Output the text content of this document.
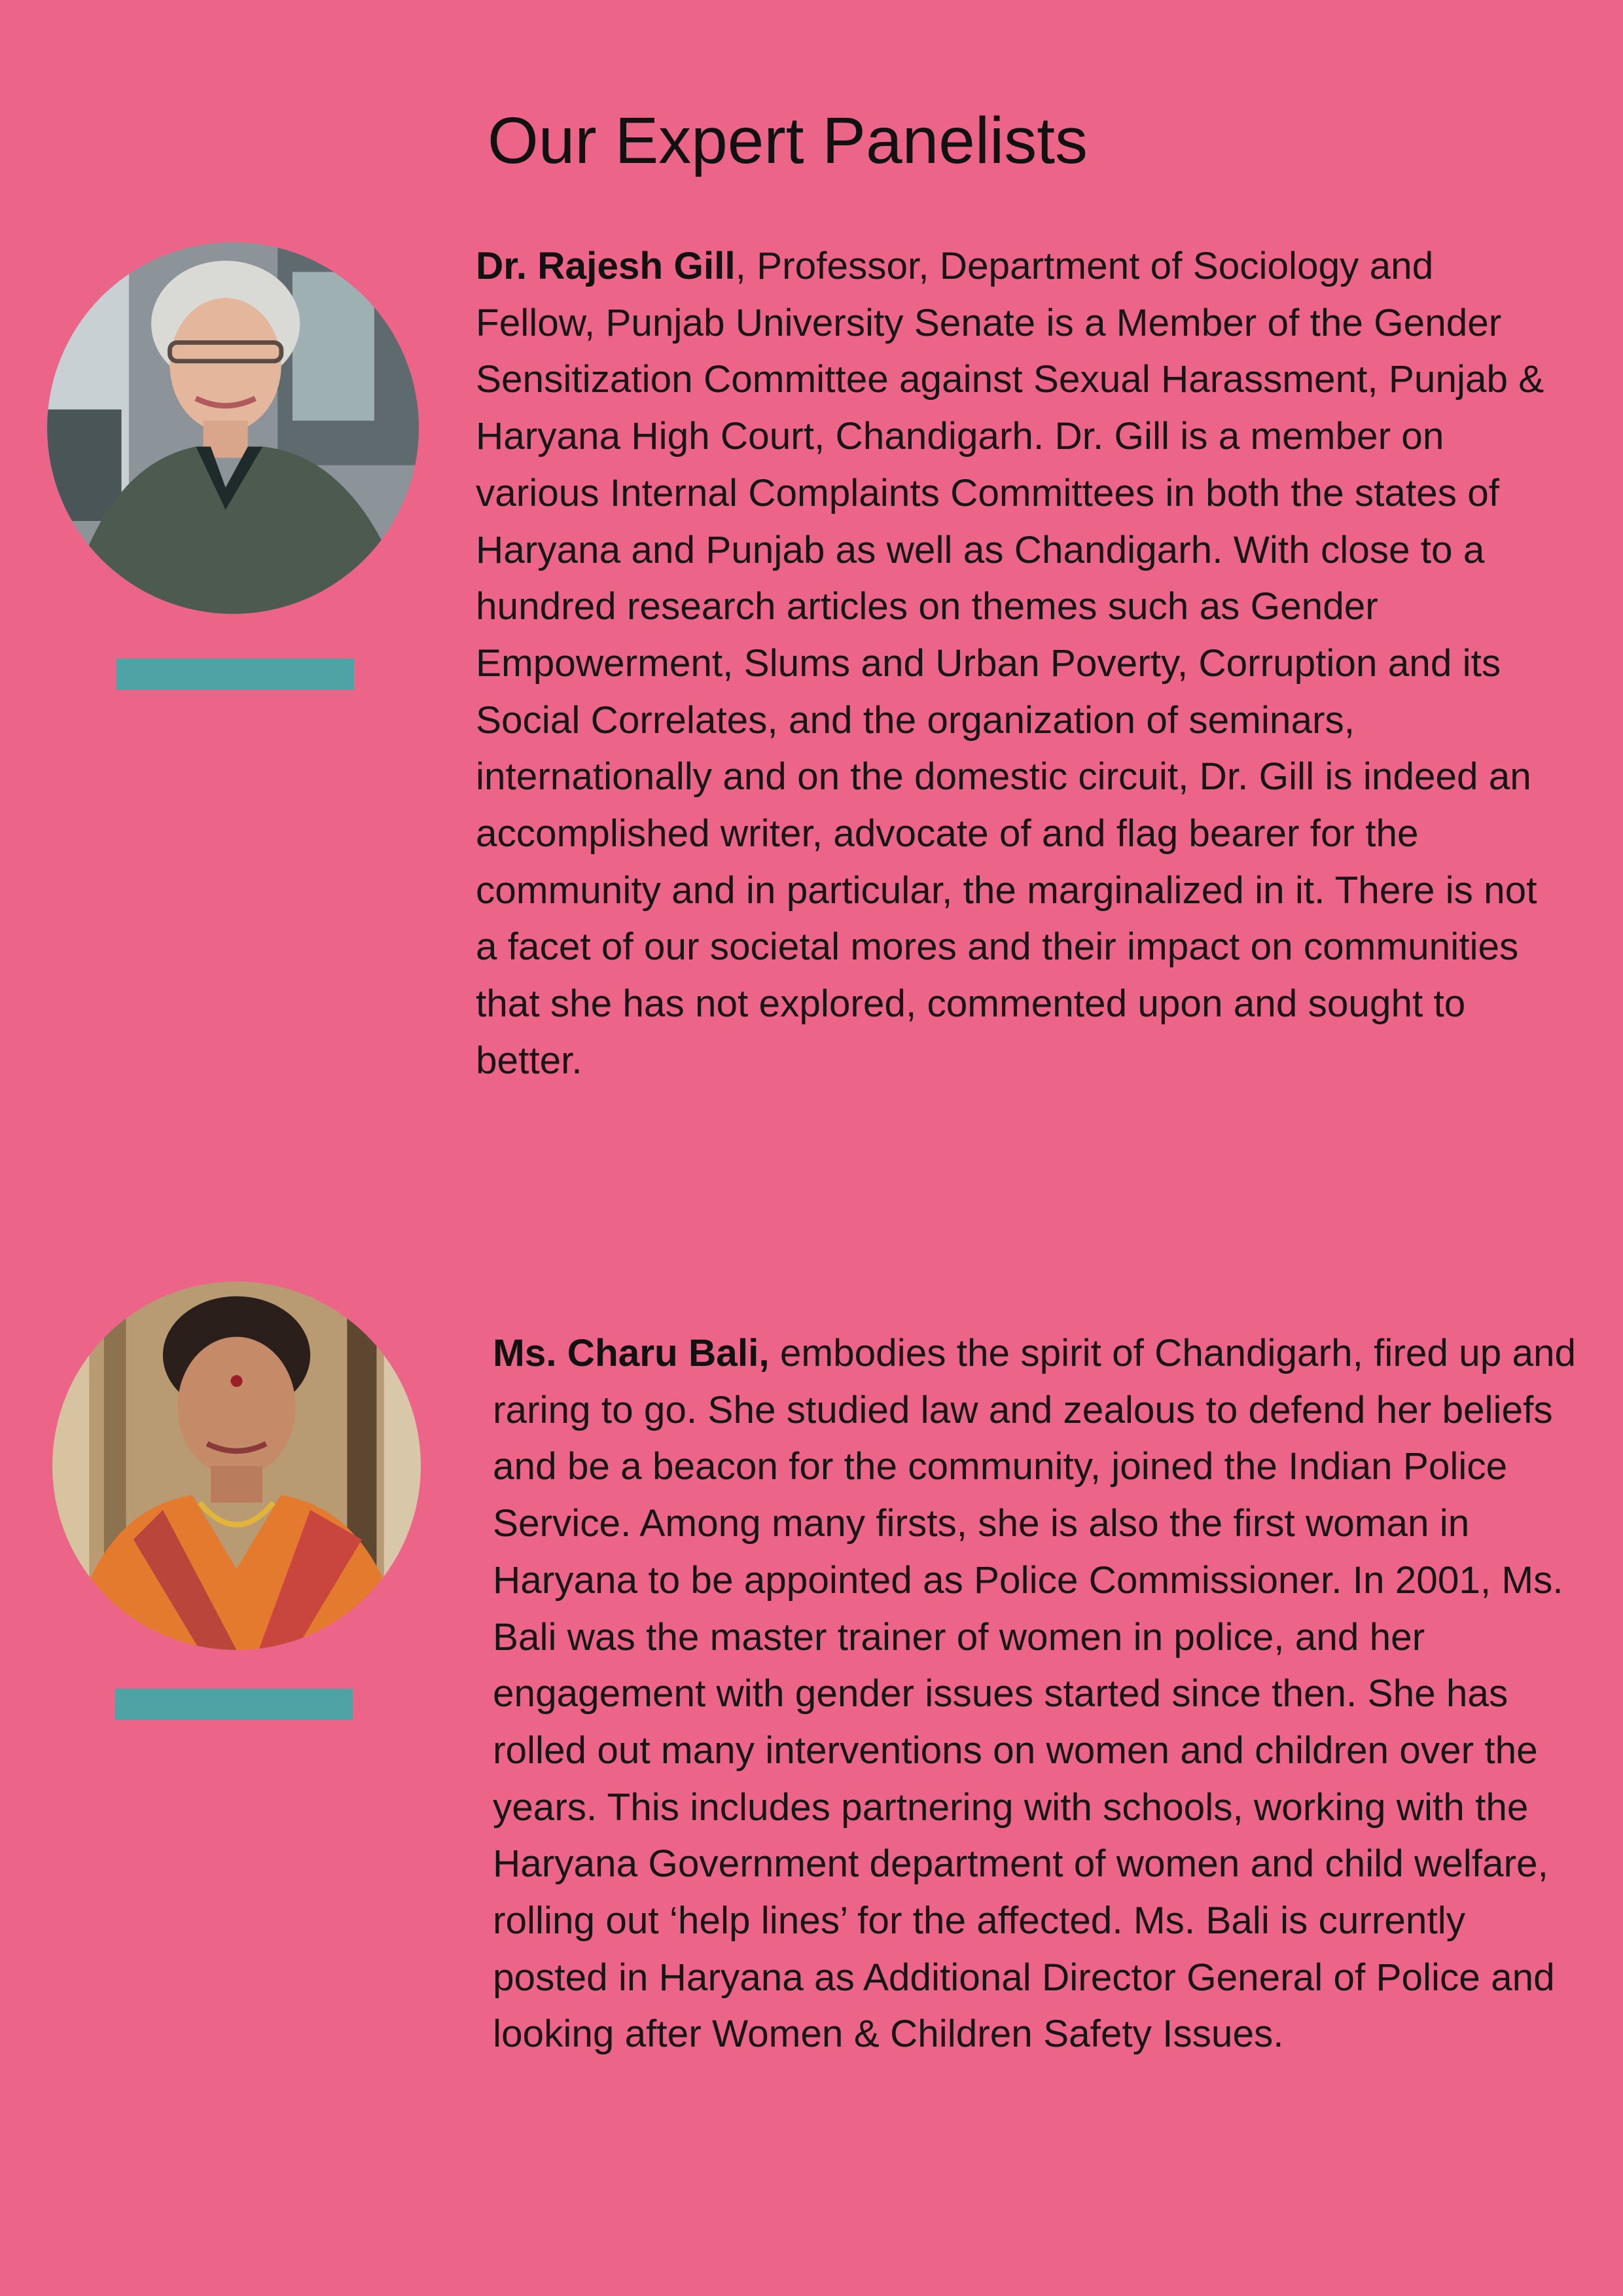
Our Expert Panelists

Dr. Rajesh Gill, Professor, Department of Sociology and Fellow, Punjab University Senate is a Member of the Gender Sensitization Committee against Sexual Harassment, Punjab & Haryana High Court, Chandigarh. Dr. Gill is a member on various Internal Complaints Committees in both the states of Haryana and Punjab as well as Chandigarh. With close to a hundred research articles on themes such as Gender Empowerment, Slums and Urban Poverty, Corruption and its Social Correlates, and the organization of seminars, internationally and on the domestic circuit, Dr. Gill is indeed an accomplished writer, advocate of and flag bearer for the community and in particular, the marginalized in it. There is not a facet of our societal mores and their impact on communities that she has not explored, commented upon and sought to better.

Ms. Charu Bali, embodies the spirit of Chandigarh, fired up and raring to go. She studied law and zealous to defend her beliefs and be a beacon for the community, joined the Indian Police Service. Among many firsts, she is also the first woman in Haryana to be appointed as Police Commissioner. In 2001, Ms. Bali was the master trainer of women in police, and her engagement with gender issues started since then. She has rolled out many interventions on women and children over the years. This includes partnering with schools, working with the Haryana Government department of women and child welfare, rolling out ‘help lines’ for the affected. Ms. Bali is currently posted in Haryana as Additional Director General of Police and looking after Women & Children Safety Issues.
